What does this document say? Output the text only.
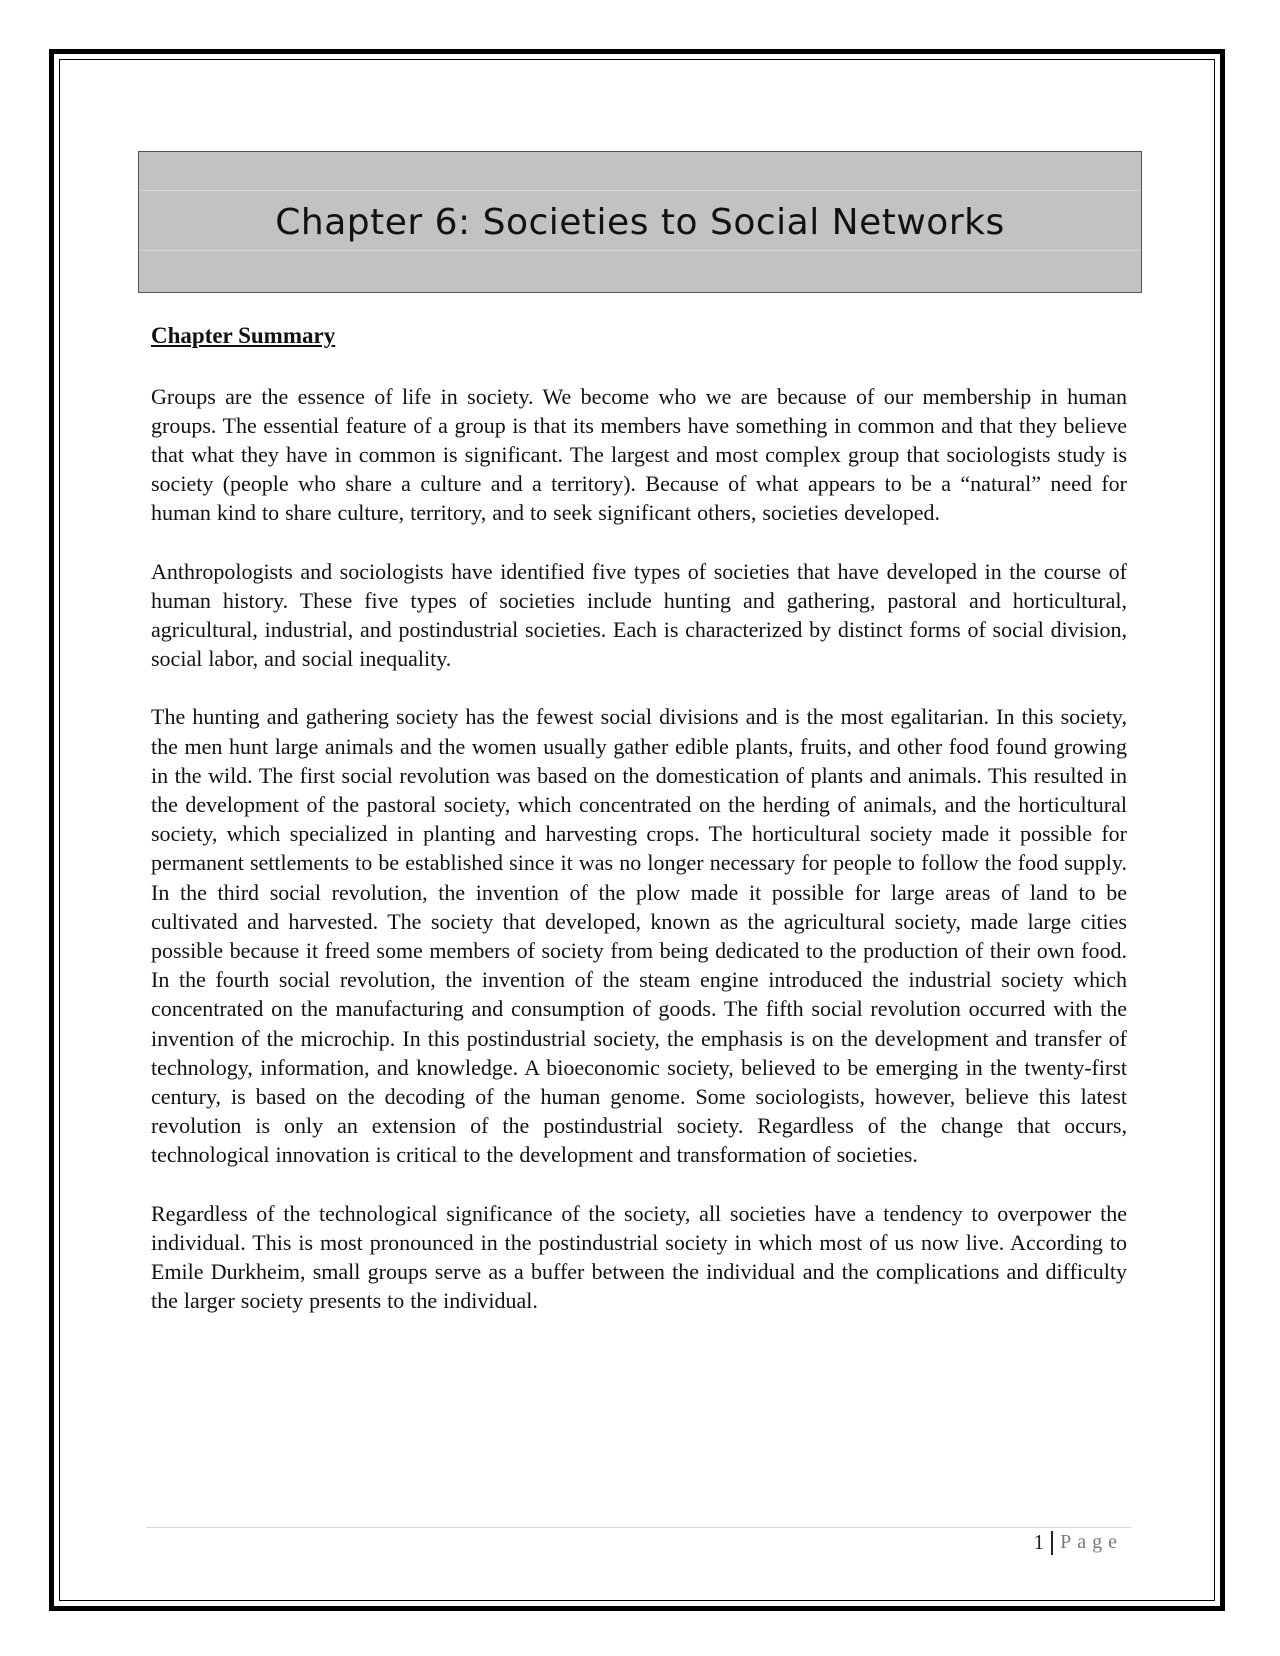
Chapter 6: Societies to Social Networks
Chapter Summary

Groups are the essence of life in society. We become who we are because of our membership in human groups. The essential feature of a group is that its members have something in common and that they believe that what they have in common is significant. The largest and most complex group that sociologists study is society (people who share a culture and a territory). Because of what appears to be a “natural” need for human kind to share culture, territory, and to seek significant others, societies developed.

Anthropologists and sociologists have identified five types of societies that have developed in the course of human history. These five types of societies include hunting and gathering, pastoral and horticultural, agricultural, industrial, and postindustrial societies. Each is characterized by distinct forms of social division, social labor, and social inequality.

The hunting and gathering society has the fewest social divisions and is the most egalitarian. In this society, the men hunt large animals and the women usually gather edible plants, fruits, and other food found growing in the wild. The first social revolution was based on the domestication of plants and animals. This resulted in the development of the pastoral society, which concentrated on the herding of animals, and the horticultural society, which specialized in planting and harvesting crops. The horticultural society made it possible for permanent settlements to be established since it was no longer necessary for people to follow the food supply. In the third social revolution, the invention of the plow made it possible for large areas of land to be cultivated and harvested. The society that developed, known as the agricultural society, made large cities possible because it freed some members of society from being dedicated to the production of their own food. In the fourth social revolution, the invention of the steam engine introduced the industrial society which concentrated on the manufacturing and consumption of goods. The fifth social revolution occurred with the invention of the microchip. In this postindustrial society, the emphasis is on the development and transfer of technology, information, and knowledge. A bioeconomic society, believed to be emerging in the twenty-first century, is based on the decoding of the human genome. Some sociologists, however, believe this latest revolution is only an extension of the postindustrial society. Regardless of the change that occurs, technological innovation is critical to the development and transformation of societies.

Regardless of the technological significance of the society, all societies have a tendency to overpower the individual. This is most pronounced in the postindustrial society in which most of us now live. According to Emile Durkheim, small groups serve as a buffer between the individual and the complications and difficulty the larger society presents to the individual.

1 Page
